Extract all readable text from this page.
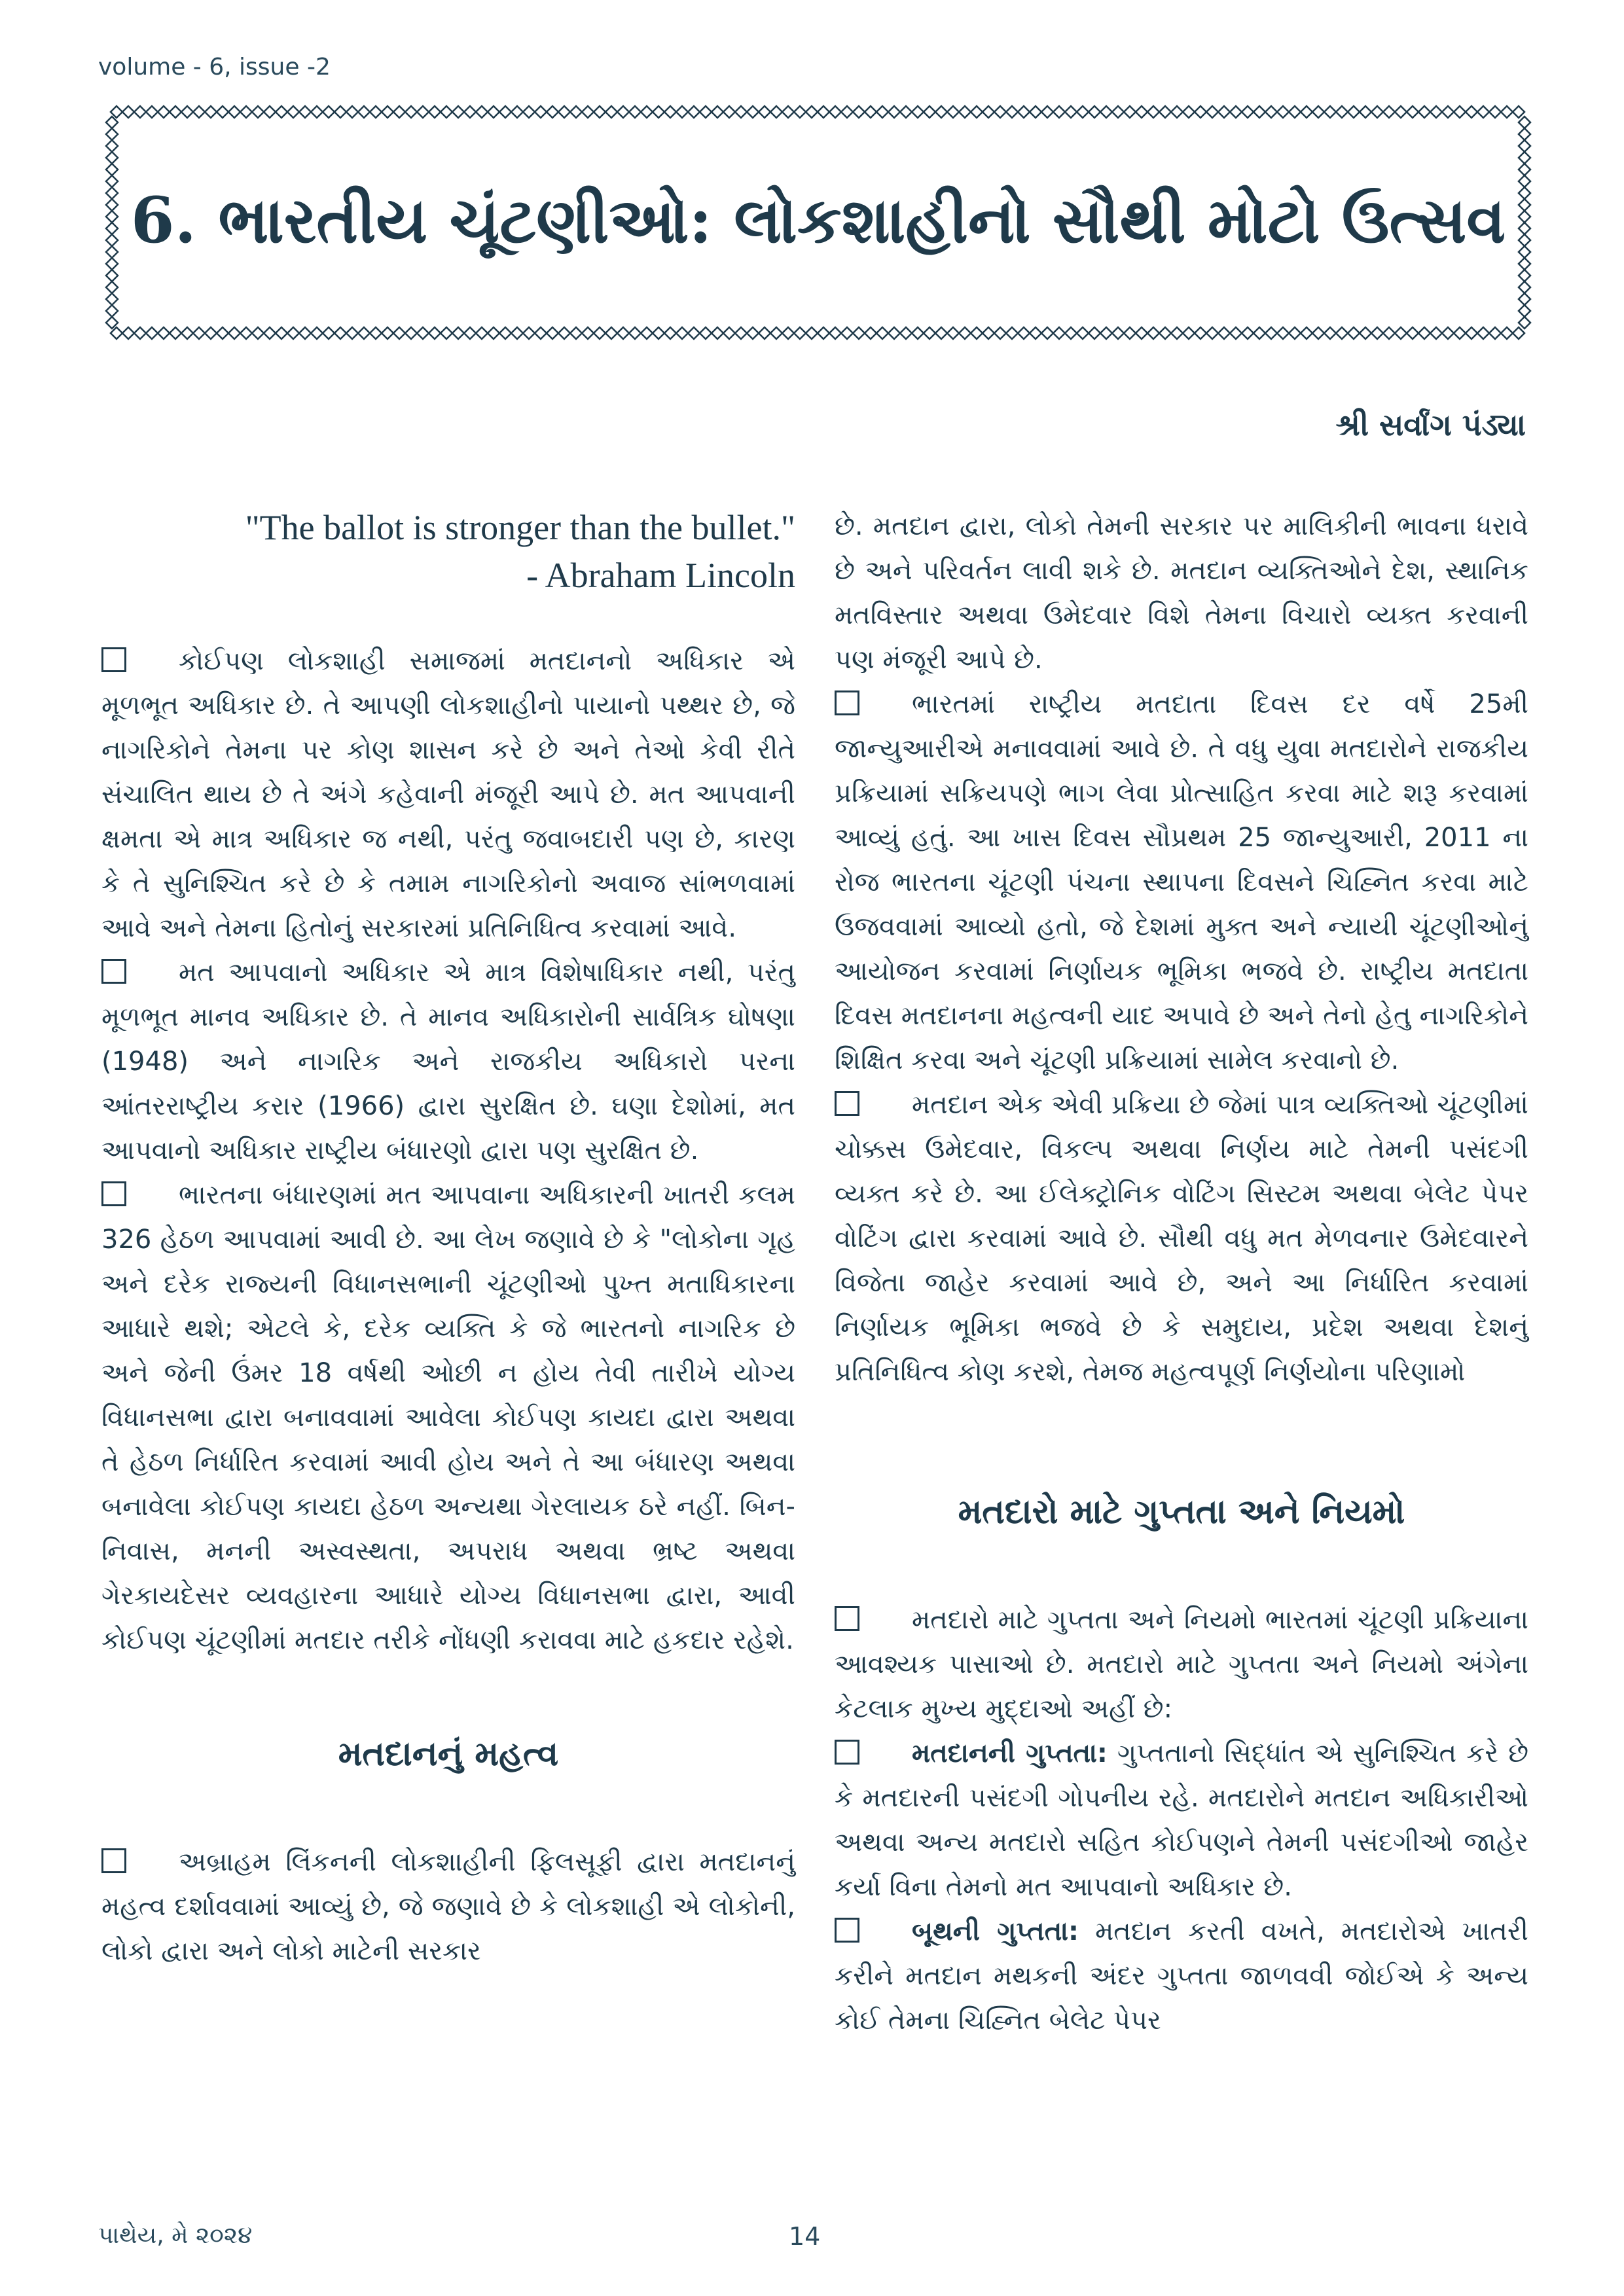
volume - 6, issue -2
6. ભારતીય ચૂંટણીઓ: લોકશાહીનો સૌથી મોટો ઉત્સવ
શ્રી સર્વાંગ પંડ્યા
"The ballot is stronger than the bullet."
- Abraham Lincoln

કોઈપણ લોકશાહી સમાજમાં મતદાનનો અધિકાર એ મૂળભૂત અધિકાર છે. તે આપણી લોકશાહીનો પાયાનો પથ્થર છે, જે નાગરિકોને તેમના પર કોણ શાસન કરે છે અને તેઓ કેવી રીતે સંચાલિત થાય છે તે અંગે કહેવાની મંજૂરી આપે છે. મત આપવાની ક્ષમતા એ માત્ર અધિકાર જ નથી, પરંતુ જવાબદારી પણ છે, કારણ કે તે સુનિશ્ચિત કરે છે કે તમામ નાગરિકોનો અવાજ સાંભળવામાં આવે અને તેમના હિતોનું સરકારમાં પ્રતિનિધિત્વ કરવામાં આવે.

મત આપવાનો અધિકાર એ માત્ર વિશેષાધિકાર નથી, પરંતુ મૂળભૂત માનવ અધિકાર છે. તે માનવ અધિકારોની સાર્વત્રિક ઘોષણા (1948) અને નાગરિક અને રાજકીય અધિકારો પરના આંતરરાષ્ટ્રીય કરાર (1966) દ્વારા સુરક્ષિત છે. ઘણા દેશોમાં, મત આપવાનો અધિકાર રાષ્ટ્રીય બંધારણો દ્વારા પણ સુરક્ષિત છે.

ભારતના બંધારણમાં મત આપવાના અધિકારની ખાતરી કલમ 326 હેઠળ આપવામાં આવી છે. આ લેખ જણાવે છે કે "લોકોના ગૃહ અને દરેક રાજ્યની વિધાનસભાની ચૂંટણીઓ પુખ્ત મતાધિકારના આધારે થશે; એટલે કે, દરેક વ્યક્તિ કે જે ભારતનો નાગરિક છે અને જેની ઉંમર 18 વર્ષથી ઓછી ન હોય તેવી તારીખે યોગ્ય વિધાનસભા દ્વારા બનાવવામાં આવેલા કોઈપણ કાયદા દ્વારા અથવા તે હેઠળ નિર્ધારિત કરવામાં આવી હોય અને તે આ બંધારણ અથવા બનાવેલા કોઈપણ કાયદા હેઠળ અન્યથા ગેરલાયક ઠરે નહીં. બિન-નિવાસ, મનની અસ્વસ્થતા, અપરાધ અથવા ભ્રષ્ટ અથવા ગેરકાયદેસર વ્યવહારના આધારે યોગ્ય વિધાનસભા દ્વારા, આવી કોઈપણ ચૂંટણીમાં મતદાર તરીકે નોંધણી કરાવવા માટે હકદાર રહેશે.

મતદાનનું મહત્વ

અબ્રાહમ લિંકનની લોકશાહીની ફિલસૂફી દ્વારા મતદાનનું મહત્વ દર્શાવવામાં આવ્યું છે, જે જણાવે છે કે લોકશાહી એ લોકોની, લોકો દ્વારા અને લોકો માટેની સરકાર

છે. મતદાન દ્વારા, લોકો તેમની સરકાર પર માલિકીની ભાવના ધરાવે છે અને પરિવર્તન લાવી શકે છે. મતદાન વ્યક્તિઓને દેશ, સ્થાનિક મતવિસ્તાર અથવા ઉમેદવાર વિશે તેમના વિચારો વ્યક્ત કરવાની પણ મંજૂરી આપે છે.

ભારતમાં રાષ્ટ્રીય મતદાતા દિવસ દર વર્ષે 25મી જાન્યુઆરીએ મનાવવામાં આવે છે. તે વધુ યુવા મતદારોને રાજકીય પ્રક્રિયામાં સક્રિયપણે ભાગ લેવા પ્રોત્સાહિત કરવા માટે શરૂ કરવામાં આવ્યું હતું. આ ખાસ દિવસ સૌપ્રથમ 25 જાન્યુઆરી, 2011 ના રોજ ભારતના ચૂંટણી પંચના સ્થાપના દિવસને ચિહ્નિત કરવા માટે ઉજવવામાં આવ્યો હતો, જે દેશમાં મુક્ત અને ન્યાયી ચૂંટણીઓનું આયોજન કરવામાં નિર્ણાયક ભૂમિકા ભજવે છે. રાષ્ટ્રીય મતદાતા દિવસ મતદાનના મહત્વની યાદ અપાવે છે અને તેનો હેતુ નાગરિકોને શિક્ષિત કરવા અને ચૂંટણી પ્રક્રિયામાં સામેલ કરવાનો છે.

મતદાન એક એવી પ્રક્રિયા છે જેમાં પાત્ર વ્યક્તિઓ ચૂંટણીમાં ચોક્કસ ઉમેદવાર, વિકલ્પ અથવા નિર્ણય માટે તેમની પસંદગી વ્યક્ત કરે છે. આ ઈલેક્ટ્રોનિક વોટિંગ સિસ્ટમ અથવા બેલેટ પેપર વોટિંગ દ્વારા કરવામાં આવે છે. સૌથી વધુ મત મેળવનાર ઉમેદવારને વિજેતા જાહેર કરવામાં આવે છે, અને આ નિર્ધારિત કરવામાં નિર્ણાયક ભૂમિકા ભજવે છે કે સમુદાય, પ્રદેશ અથવા દેશનું પ્રતિનિધિત્વ કોણ કરશે, તેમજ મહત્વપૂર્ણ નિર્ણયોના પરિણામો

મતદારો માટે ગુપ્તતા અને નિયમો

મતદારો માટે ગુપ્તતા અને નિયમો ભારતમાં ચૂંટણી પ્રક્રિયાના આવશ્યક પાસાઓ છે. મતદારો માટે ગુપ્તતા અને નિયમો અંગેના કેટલાક મુખ્ય મુદ્દાઓ અહીં છે:

મતદાનની ગુપ્તતા: ગુપ્તતાનો સિદ્ધાંત એ સુનિશ્ચિત કરે છે કે મતદારની પસંદગી ગોપનીય રહે. મતદારોને મતદાન અધિકારીઓ અથવા અન્ય મતદારો સહિત કોઈપણને તેમની પસંદગીઓ જાહેર કર્યા વિના તેમનો મત આપવાનો અધિકાર છે.

બૂથની ગુપ્તતા: મતદાન કરતી વખતે, મતદારોએ ખાતરી કરીને મતદાન મથકની અંદર ગુપ્તતા જાળવવી જોઈએ કે અન્ય કોઈ તેમના ચિહ્નિત બેલેટ પેપર

પાથેય, મે ૨૦૨૪	14
